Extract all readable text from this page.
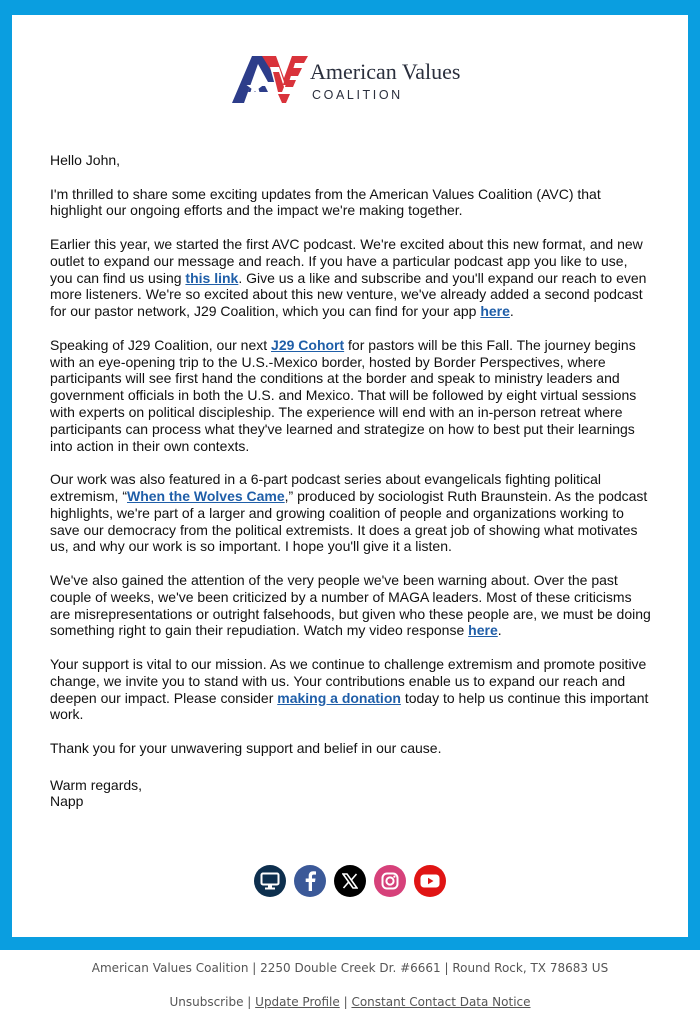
American Values
COALITION

Hello John,

I'm thrilled to share some exciting updates from the American Values Coalition (AVC) that highlight our ongoing efforts and the impact we're making together.

Earlier this year, we started the first AVC podcast. We're excited about this new format, and new outlet to expand our message and reach. If you have a particular podcast app you like to use, you can find us using this link. Give us a like and subscribe and you'll expand our reach to even more listeners. We're so excited about this new venture, we've already added a second podcast for our pastor network, J29 Coalition, which you can find for your app here.

Speaking of J29 Coalition, our next J29 Cohort for pastors will be this Fall. The journey begins with an eye-opening trip to the U.S.-Mexico border, hosted by Border Perspectives, where participants will see first hand the conditions at the border and speak to ministry leaders and government officials in both the U.S. and Mexico. That will be followed by eight virtual sessions with experts on political discipleship. The experience will end with an in-person retreat where participants can process what they've learned and strategize on how to best put their learnings into action in their own contexts.

Our work was also featured in a 6-part podcast series about evangelicals fighting political extremism, “When the Wolves Came,” produced by sociologist Ruth Braunstein. As the podcast highlights, we're part of a larger and growing coalition of people and organizations working to save our democracy from the political extremists. It does a great job of showing what motivates us, and why our work is so important. I hope you'll give it a listen.

We've also gained the attention of the very people we've been warning about. Over the past couple of weeks, we've been criticized by a number of MAGA leaders. Most of these criticisms are misrepresentations or outright falsehoods, but given who these people are, we must be doing something right to gain their repudiation. Watch my video response here.

Your support is vital to our mission. As we continue to challenge extremism and promote positive change, we invite you to stand with us. Your contributions enable us to expand our reach and deepen our impact. Please consider making a donation today to help us continue this important work.

Thank you for your unwavering support and belief in our cause.

Warm regards,

Napp

American Values Coalition | 2250 Double Creek Dr. #6661 | Round Rock, TX 78683 US
Unsubscribe | Update Profile | Constant Contact Data Notice
